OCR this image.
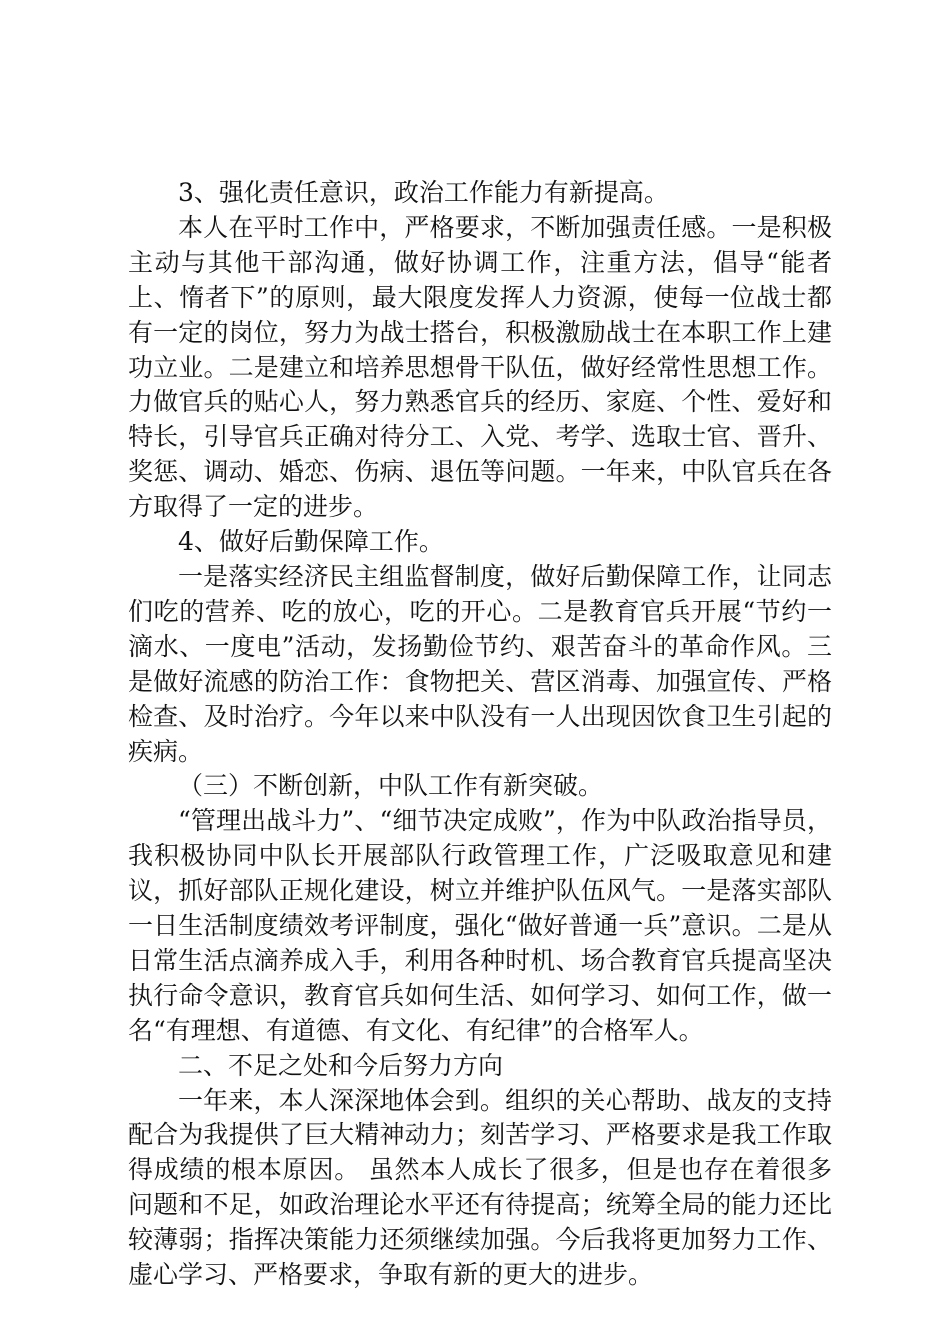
3、强化责任意识，政治工作能力有新提高。

本人在平时工作中，严格要求，不断加强责任感。一是积极主动与其他干部沟通，做好协调工作，注重方法，倡导“能者上、惰者下”的原则，最大限度发挥人力资源，使每一位战士都有一定的岗位，努力为战士搭台，积极激励战士在本职工作上建功立业。二是建立和培养思想骨干队伍，做好经常性思想工作。力做官兵的贴心人，努力熟悉官兵的经历、家庭、个性、爱好和特长，引导官兵正确对待分工、入党、考学、选取士官、晋升、奖惩、调动、婚恋、伤病、退伍等问题。一年来，中队官兵在各方取得了一定的进步。

4、做好后勤保障工作。

一是落实经济民主组监督制度，做好后勤保障工作，让同志们吃的营养、吃的放心，吃的开心。二是教育官兵开展“节约一滴水、一度电”活动，发扬勤俭节约、艰苦奋斗的革命作风。三是做好流感的防治工作：食物把关、营区消毒、加强宣传、严格检查、及时治疗。今年以来中队没有一人出现因饮食卫生引起的疾病。

（三）不断创新，中队工作有新突破。

“管理出战斗力”、“细节决定成败”，作为中队政治指导员，我积极协同中队长开展部队行政管理工作，广泛吸取意见和建议，抓好部队正规化建设，树立并维护队伍风气。一是落实部队一日生活制度绩效考评制度，强化“做好普通一兵”意识。二是从日常生活点滴养成入手，利用各种时机、场合教育官兵提高坚决执行命令意识，教育官兵如何生活、如何学习、如何工作，做一名“有理想、有道德、有文化、有纪律”的合格军人。

二、不足之处和今后努力方向

一年来，本人深深地体会到。组织的关心帮助、战友的支持配合为我提供了巨大精神动力；刻苦学习、严格要求是我工作取得成绩的根本原因。 虽然本人成长了很多，但是也存在着很多问题和不足，如政治理论水平还有待提高；统筹全局的能力还比较薄弱；指挥决策能力还须继续加强。今后我将更加努力工作、虚心学习、严格要求，争取有新的更大的进步。
